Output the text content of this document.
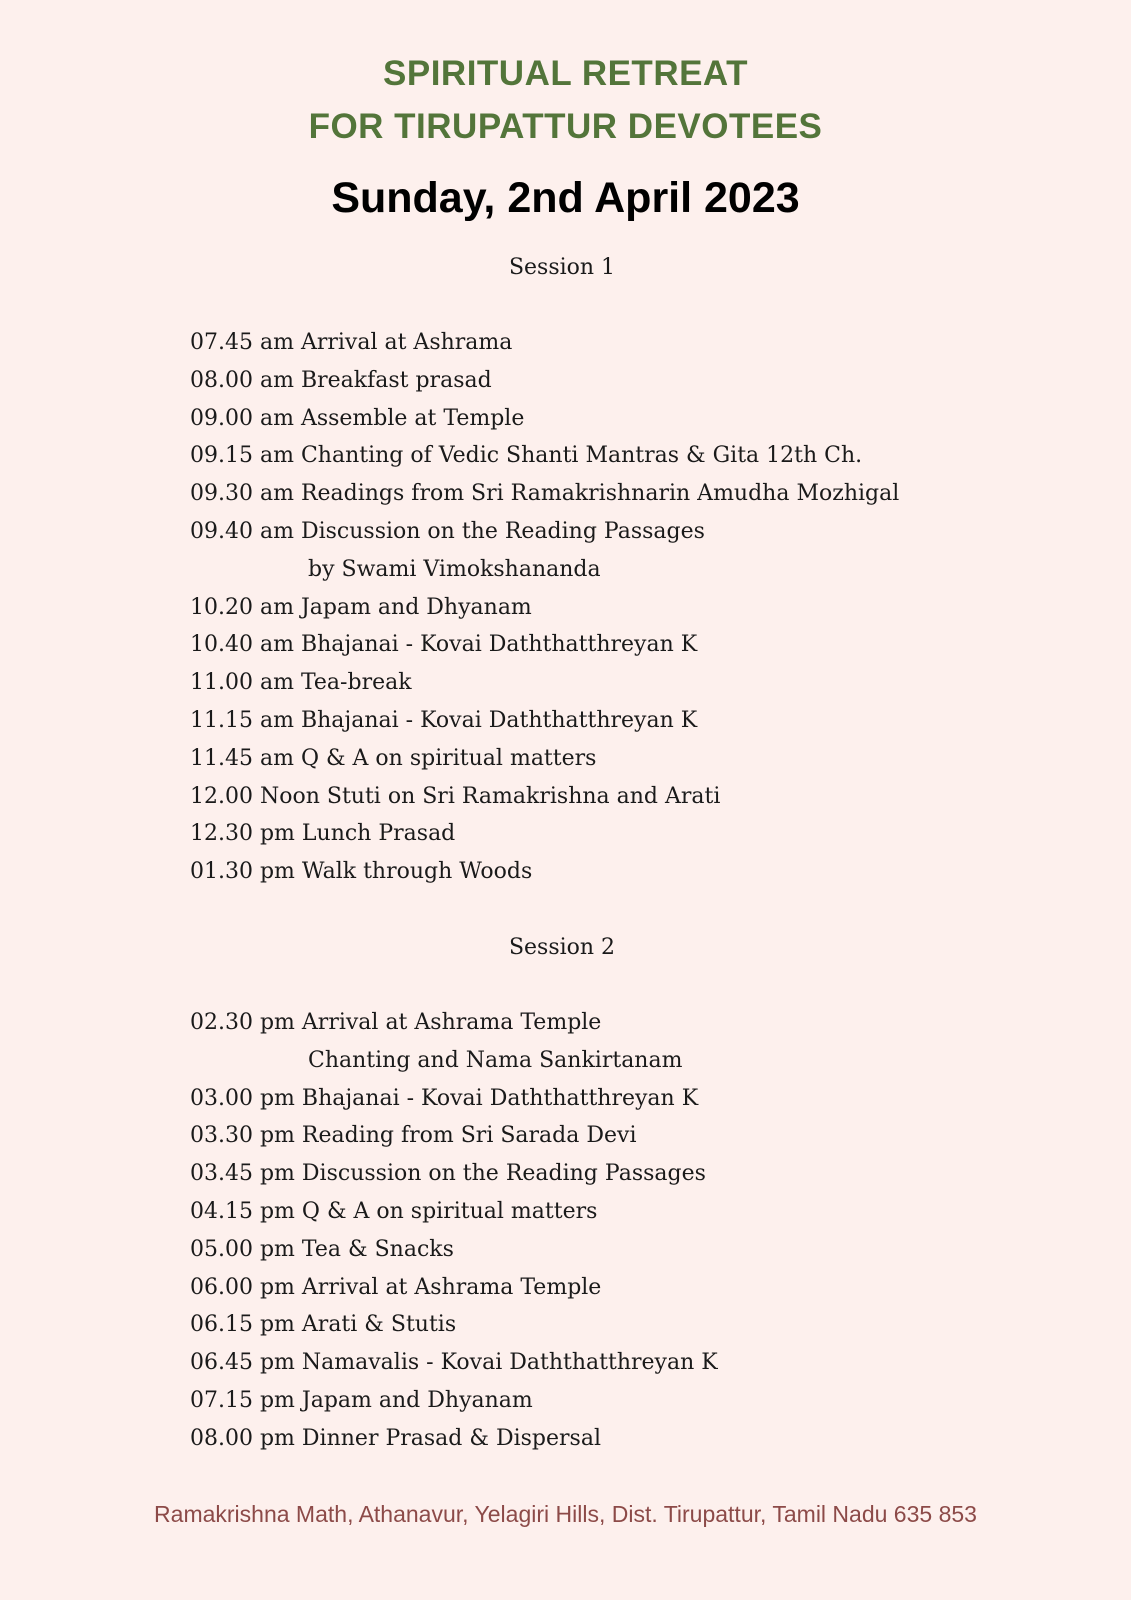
SPIRITUAL RETREAT
FOR TIRUPATTUR DEVOTEES
Sunday, 2nd April 2023
Session 1
07.45 am Arrival at Ashrama
08.00 am Breakfast prasad
09.00 am Assemble at Temple
09.15 am Chanting of Vedic Shanti Mantras & Gita 12th Ch.
09.30 am Readings from Sri Ramakrishnarin Amudha Mozhigal
09.40 am Discussion on the Reading Passages
by Swami Vimokshananda
10.20 am Japam and Dhyanam
10.40 am Bhajanai - Kovai Daththatthreyan K
11.00 am Tea-break
11.15 am Bhajanai - Kovai Daththatthreyan K
11.45 am Q & A on spiritual matters
12.00 Noon Stuti on Sri Ramakrishna and Arati
12.30 pm Lunch Prasad
01.30 pm Walk through Woods
Session 2
02.30 pm Arrival at Ashrama Temple
Chanting and Nama Sankirtanam
03.00 pm Bhajanai - Kovai Daththatthreyan K
03.30 pm Reading from Sri Sarada Devi
03.45 pm Discussion on the Reading Passages
04.15 pm Q & A on spiritual matters
05.00 pm Tea & Snacks
06.00 pm Arrival at Ashrama Temple
06.15 pm Arati & Stutis
06.45 pm Namavalis - Kovai Daththatthreyan K
07.15 pm Japam and Dhyanam
08.00 pm Dinner Prasad & Dispersal
Ramakrishna Math, Athanavur, Yelagiri Hills, Dist. Tirupattur, Tamil Nadu 635 853
